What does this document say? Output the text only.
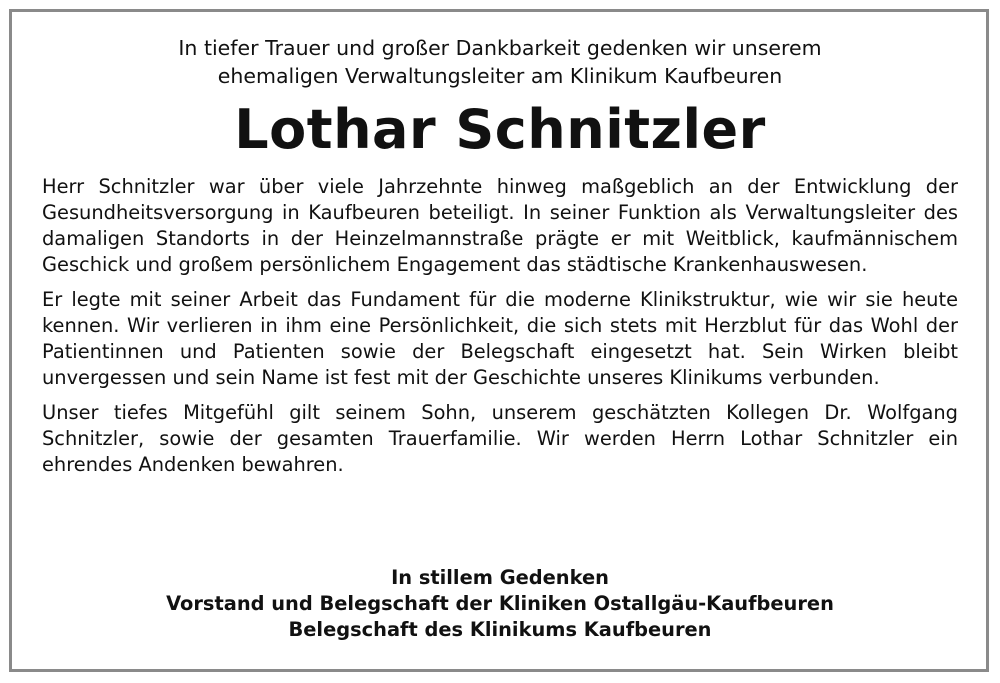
In tiefer Trauer und großer Dankbarkeit gedenken wir unserem
ehemaligen Verwaltungsleiter am Klinikum Kaufbeuren
Lothar Schnitzler

Herr Schnitzler war über viele Jahrzehnte hinweg maßgeblich an der Entwicklung der Gesundheitsversorgung in Kaufbeuren beteiligt. In seiner Funktion als Verwaltungsleiter des damaligen Standorts in der Heinzelmannstraße prägte er mit Weitblick, kaufmännischem Geschick und großem persönlichem Engagement das städtische Krankenhauswesen.

Er legte mit seiner Arbeit das Fundament für die moderne Klinikstruktur, wie wir sie heute kennen. Wir verlieren in ihm eine Persönlichkeit, die sich stets mit Herzblut für das Wohl der Patientinnen und Patienten sowie der Belegschaft eingesetzt hat. Sein Wirken bleibt unvergessen und sein Name ist fest mit der Geschichte unseres Klinikums verbunden.

Unser tiefes Mitgefühl gilt seinem Sohn, unserem geschätzten Kollegen Dr. Wolfgang Schnitzler, sowie der gesamten Trauerfamilie. Wir werden Herrn Lothar Schnitzler ein ehrendes Andenken bewahren.

In stillem Gedenken
Vorstand und Belegschaft der Kliniken Ostallgäu-Kaufbeuren
Belegschaft des Klinikums Kaufbeuren
